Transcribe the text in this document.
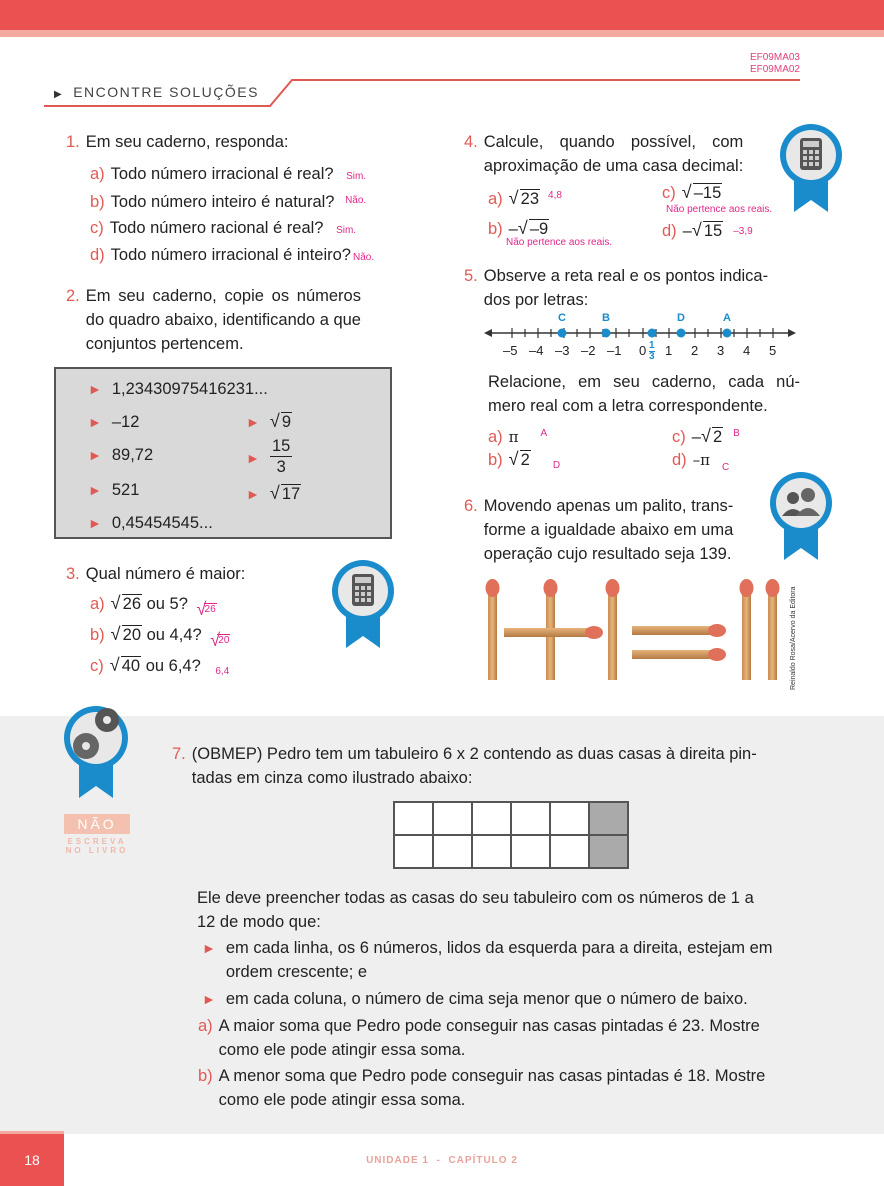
EF09MA03
EF09MA02
▶ ENCONTRE SOLUÇÕES
1. Em seu caderno, responda:
a) Todo número irracional é real? Sim.
b) Todo número inteiro é natural? $^{Não.}$
c) Todo número racional é real? Sim.
d) Todo número irracional é inteiro? Não.
2. Em seu caderno, copie os números
do quadro abaixo, identificando a que
conjuntos pertencem.
► 1,23430975416231...
► –12
► 89,72
► 521
► 0,45454545...
► √ 9
► $\frac{15}{3}$
► √ 17
3. Qual número é maior:
a) √ 26 ou 5? √ 26
b) √ 20 ou 4,4? √ 20
c) √ 40 ou 6,4? 6,4
4. Calcule, quando possível, com
aproximação de uma casa decimal:
a) √ 23 $^{4,8}$	c) √ –15
Não pertence aos reais.
b) – √ –9
Não pertence aos reais.
d) – √ 15 –3,9
5. Observe a reta real e os pontos indica-
dos por letras:
C	B	D	A
–5 –4 –3 –2 –1 0 1 2 3 4 5
$\frac{1}{3}$
Relacione, em seu caderno, cada nú-
mero real com a letra correspondente.
a) π $^A$
b) √ 2 D
c) – √ 2 $^B$
d) –π $_C$
6. Movendo apenas um palito, trans-
forme a igualdade abaixo em uma
operação cujo resultado seja 139.
Reinaldo Rosa/Acervo da Editora
NÃO
ESCREVA
NO LIVRO
7. (OBMEP) Pedro tem um tabuleiro 6 x 2 contendo as duas casas à direita pin-
tadas em cinza como ilustrado abaixo:

Ele deve preencher todas as casas do seu tabuleiro com os números de 1 a
12 de modo que:
► em cada linha, os 6 números, lidos da esquerda para a direita, estejam em
ordem crescente; e
► em cada coluna, o número de cima seja menor que o número de baixo.
a) A maior soma que Pedro pode conseguir nas casas pintadas é 23. Mostre
como ele pode atingir essa soma.
b) A menor soma que Pedro pode conseguir nas casas pintadas é 18. Mostre
como ele pode atingir essa soma.
18	UNIDADE 1 - CAPÍTULO 2
